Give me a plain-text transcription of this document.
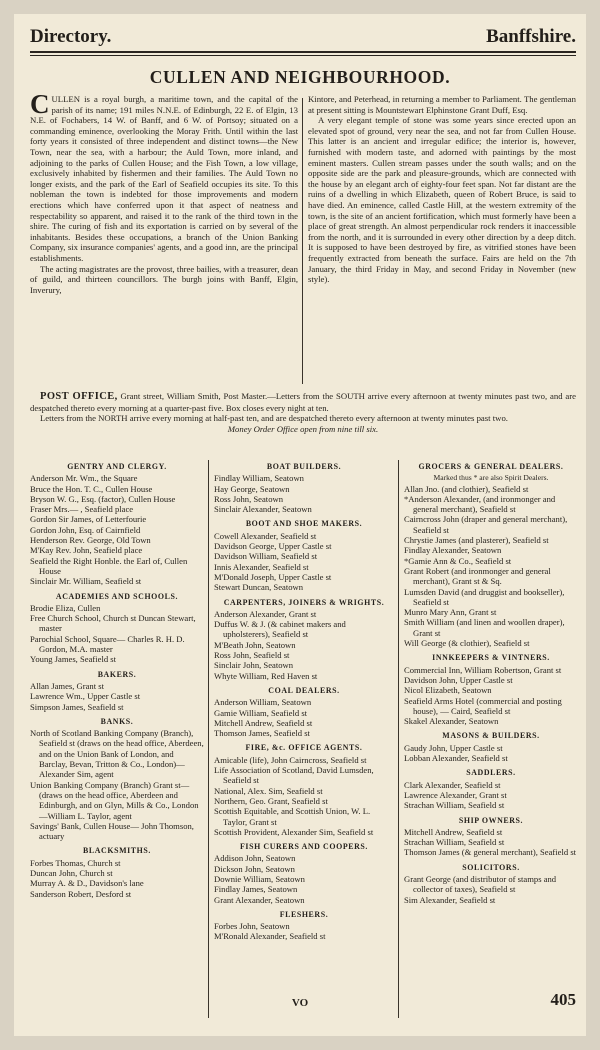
Directory.	Banffshire.
CULLEN AND NEIGHBOURHOOD.

CULLEN is a royal burgh, a maritime town, and the capital of the parish of its name; 191 miles N.N.E. of Edinburgh, 22 E. of Elgin, 13 N.E. of Fochabers, 14 W. of Banff, and 6 W. of Portsoy; situated on a commanding eminence, overlooking the Moray Frith. Until within the last forty years it consisted of three independent and distinct towns—the New Town, near the sea, with a harbour; the Auld Town, more inland, and adjoining to the parks of Cullen House; and the Fish Town, a low village, exclusively inhabited by fishermen and their families. The Auld Town no longer exists, and the park of the Earl of Seafield occupies its site. To this nobleman the town is indebted for those improvements and modern erections which have conferred upon it that aspect of neatness and respectability so apparent, and raised it to the rank of the third town in the shire. The curing of fish and its exportation is carried on by several of the inhabitants. Besides these occupations, a branch of the Union Banking Company, six insurance companies' agents, and a good inn, are the principal establishments.

The acting magistrates are the provost, three bailies, with a treasurer, dean of guild, and thirteen councillors. The burgh joins with Banff, Elgin, Inverury,

Kintore, and Peterhead, in returning a member to Parliament. The gentleman at present sitting is Mountstewart Elphinstone Grant Duff, Esq.

A very elegant temple of stone was some years since erected upon an elevated spot of ground, very near the sea, and not far from Cullen House. This latter is an ancient and irregular edifice; the interior is, however, furnished with modern taste, and adorned with paintings by the most eminent masters. Cullen stream passes under the south walls; and on the opposite side are the park and pleasure-grounds, which are connected with the house by an elegant arch of eighty-four feet span. Not far distant are the ruins of a dwelling in which Elizabeth, queen of Robert Bruce, is said to have died. An eminence, called Castle Hill, at the western extremity of the town, is the site of an ancient fortification, which must formerly have been a place of great strength. An almost perpendicular rock renders it inaccessible from the north, and it is surrounded in every other direction by a deep ditch. It is supposed to have been destroyed by fire, as vitrified stones have been frequently extracted from beneath the surface. Fairs are held on the 7th January, the third Friday in May, and second Friday in November (new style).

POST OFFICE, Grant street, William Smith, Post Master.—Letters from the SOUTH arrive every afternoon at twenty minutes past two, and are despatched thereto every morning at a quarter-past five. Box closes every night at ten.

Letters from the NORTH arrive every morning at half-past ten, and are despatched thereto every afternoon at twenty minutes past two.

Money Order Office open from nine till six.

GENTRY AND CLERGY.
Anderson Mr. Wm., the Square
Bruce the Hon. T. C., Cullen House
Bryson W. G., Esq. (factor), Cullen House
Fraser Mrs.— , Seafield place
Gordon Sir James, of Letterfourie
Gordon John, Esq. of Cairnfield
Henderson Rev. George, Old Town
M'Kay Rev. John, Seafield place
Seafield the Right Honble. the Earl of, Cullen House
Sinclair Mr. William, Seafield st
ACADEMIES AND SCHOOLS.
Brodie Eliza, Cullen
Free Church School, Church st Duncan Stewart, master
Parochial School, Square— Charles R. H. D. Gordon, M.A. master
Young James, Seafield st
BAKERS.
Allan James, Grant st
Lawrence Wm., Upper Castle st
Simpson James, Seafield st
BANKS.
North of Scotland Banking Company (Branch), Seafield st (draws on the head office, Aberdeen, and on the Union Bank of London, and Barclay, Bevan, Tritton & Co., London)—Alexander Sim, agent
Union Banking Company (Branch) Grant st—(draws on the head office, Aberdeen and Edinburgh, and on Glyn, Mills & Co., London—William L. Taylor, agent
Savings' Bank, Cullen House— John Thomson, actuary
BLACKSMITHS.
Forbes Thomas, Church st
Duncan John, Church st
Murray A. & D., Davidson's lane
Sanderson Robert, Desford st
BOAT BUILDERS.
Findlay William, Seatown
Hay George, Seatown
Ross John, Seatown
Sinclair Alexander, Seatown
BOOT AND SHOE MAKERS.
Cowell Alexander, Seafield st
Davidson George, Upper Castle st
Davidson William, Seafield st
Innis Alexander, Seafield st
M'Donald Joseph, Upper Castle st
Stewart Duncan, Seatown
CARPENTERS, JOINERS & WRIGHTS.
Anderson Alexander, Grant st
Duffus W. & J. (& cabinet makers and upholsterers), Seafield st
M'Beath John, Seatown
Ross John, Seafield st
Sinclair John, Seatown
Whyte William, Red Haven st
COAL DEALERS.
Anderson William, Seatown
Gamie William, Seafield st
Mitchell Andrew, Seafield st
Thomson James, Seafield st
FIRE, &c. OFFICE AGENTS.
Amicable (life), John Cairncross, Seafield st
Life Association of Scotland, David Lumsden, Seafield st
National, Alex. Sim, Seafield st
Northern, Geo. Grant, Seafield st
Scottish Equitable, and Scottish Union, W. L. Taylor, Grant st
Scottish Provident, Alexander Sim, Seafield st
FISH CURERS AND COOPERS.
Addison John, Seatown
Dickson John, Seatown
Downie William, Seatown
Findlay James, Seatown
Grant Alexander, Seatown
FLESHERS.
Forbes John, Seatown
M'Ronald Alexander, Seafield st
GROCERS & GENERAL DEALERS.
Marked thus * are also Spirit Dealers.
Allan Jno. (and clothier), Seafield st
*Anderson Alexander, (and ironmonger and general merchant), Seafield st
Cairncross John (draper and general merchant), Seafield st
Chrystie James (and plasterer), Seafield st
Findlay Alexander, Seatown
*Gamie Ann & Co., Seafield st
Grant Robert (and ironmonger and general merchant), Grant st & Sq.
Lumsden David (and druggist and bookseller), Seafield st
Munro Mary Ann, Grant st
Smith William (and linen and woollen draper), Grant st
Will George (& clothier), Seafield st
INNKEEPERS & VINTNERS.
Commercial Inn, William Robertson, Grant st
Davidson John, Upper Castle st
Nicol Elizabeth, Seatown
Seafield Arms Hotel (commercial and posting house), — Caird, Seafield st
Skakel Alexander, Seatown
MASONS & BUILDERS.
Gaudy John, Upper Castle st
Lobban Alexander, Seafield st
SADDLERS.
Clark Alexander, Seafield st
Lawrence Alexander, Grant st
Strachan William, Seafield st
SHIP OWNERS.
Mitchell Andrew, Seafield st
Strachan William, Seafield st
Thomson James (& general merchant), Seafield st
SOLICITORS.
Grant George (and distributor of stamps and collector of taxes), Seafield st
Sim Alexander, Seafield st
VO	405
